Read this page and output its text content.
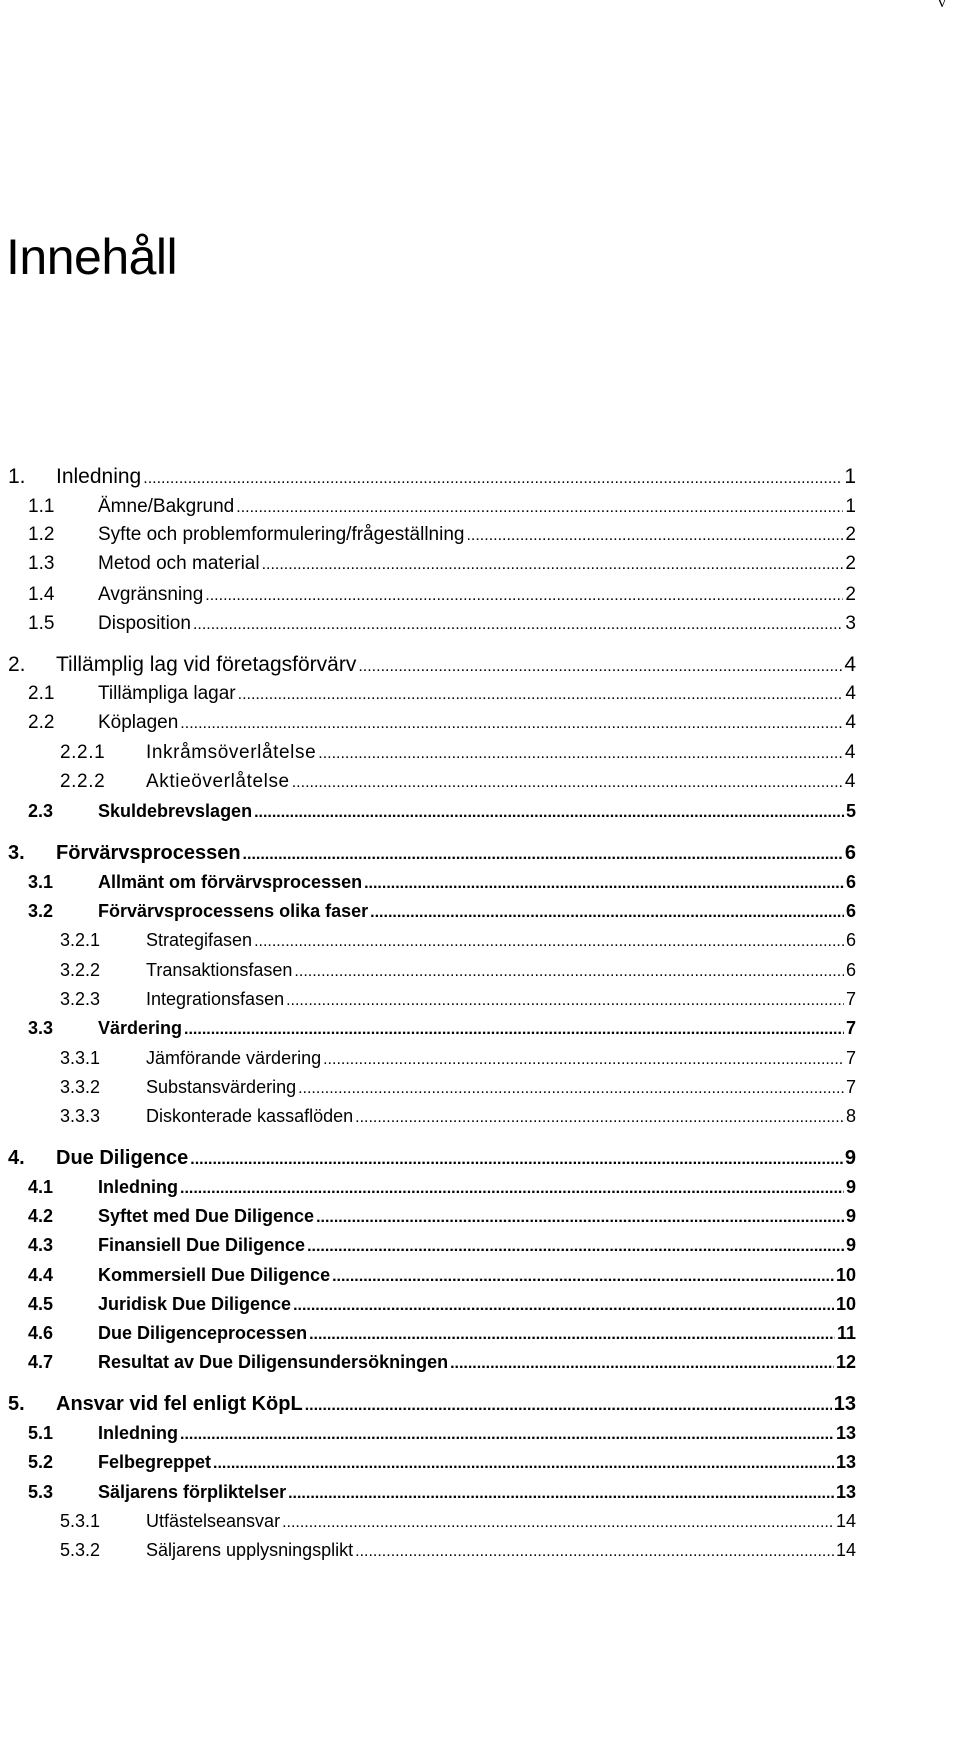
v
Innehåll
1.	Inledning .....	1
1.1	Ämne/Bakgrund .....	1
1.2	Syfte och problemformulering/frågeställning .....	2
1.3	Metod och material .....	2
1.4	Avgränsning .....	2
1.5	Disposition .....	3
2.	Tillämplig lag vid företagsförvärv .....	4
2.1	Tillämpliga lagar .....	4
2.2	Köplagen .....	4
2.2.1	Inkråmsöverlåtelse .....	4
2.2.2	Aktieöverlåtelse .....	4
2.3	Skuldebrevslagen .....	5
3.	Förvärvsprocessen .....	6
3.1	Allmänt om förvärvsprocessen .....	6
3.2	Förvärvsprocessens olika faser .....	6
3.2.1	Strategifasen .....	6
3.2.2	Transaktionsfasen .....	6
3.2.3	Integrationsfasen .....	7
3.3	Värdering .....	7
3.3.1	Jämförande värdering .....	7
3.3.2	Substansvärdering .....	7
3.3.3	Diskonterade kassaflöden .....	8
4.	Due Diligence .....	9
4.1	Inledning .....	9
4.2	Syftet med Due Diligence .....	9
4.3	Finansiell Due Diligence .....	9
4.4	Kommersiell Due Diligence .....	10
4.5	Juridisk Due Diligence .....	10
4.6	Due Diligenceprocessen .....	11
4.7	Resultat av Due Diligensundersökningen .....	12
5.	Ansvar vid fel enligt KöpL .....	13
5.1	Inledning .....	13
5.2	Felbegreppet .....	13
5.3	Säljarens förpliktelser .....	13
5.3.1	Utfästelseansvar .....	14
5.3.2	Säljarens upplysningsplikt .....	14
